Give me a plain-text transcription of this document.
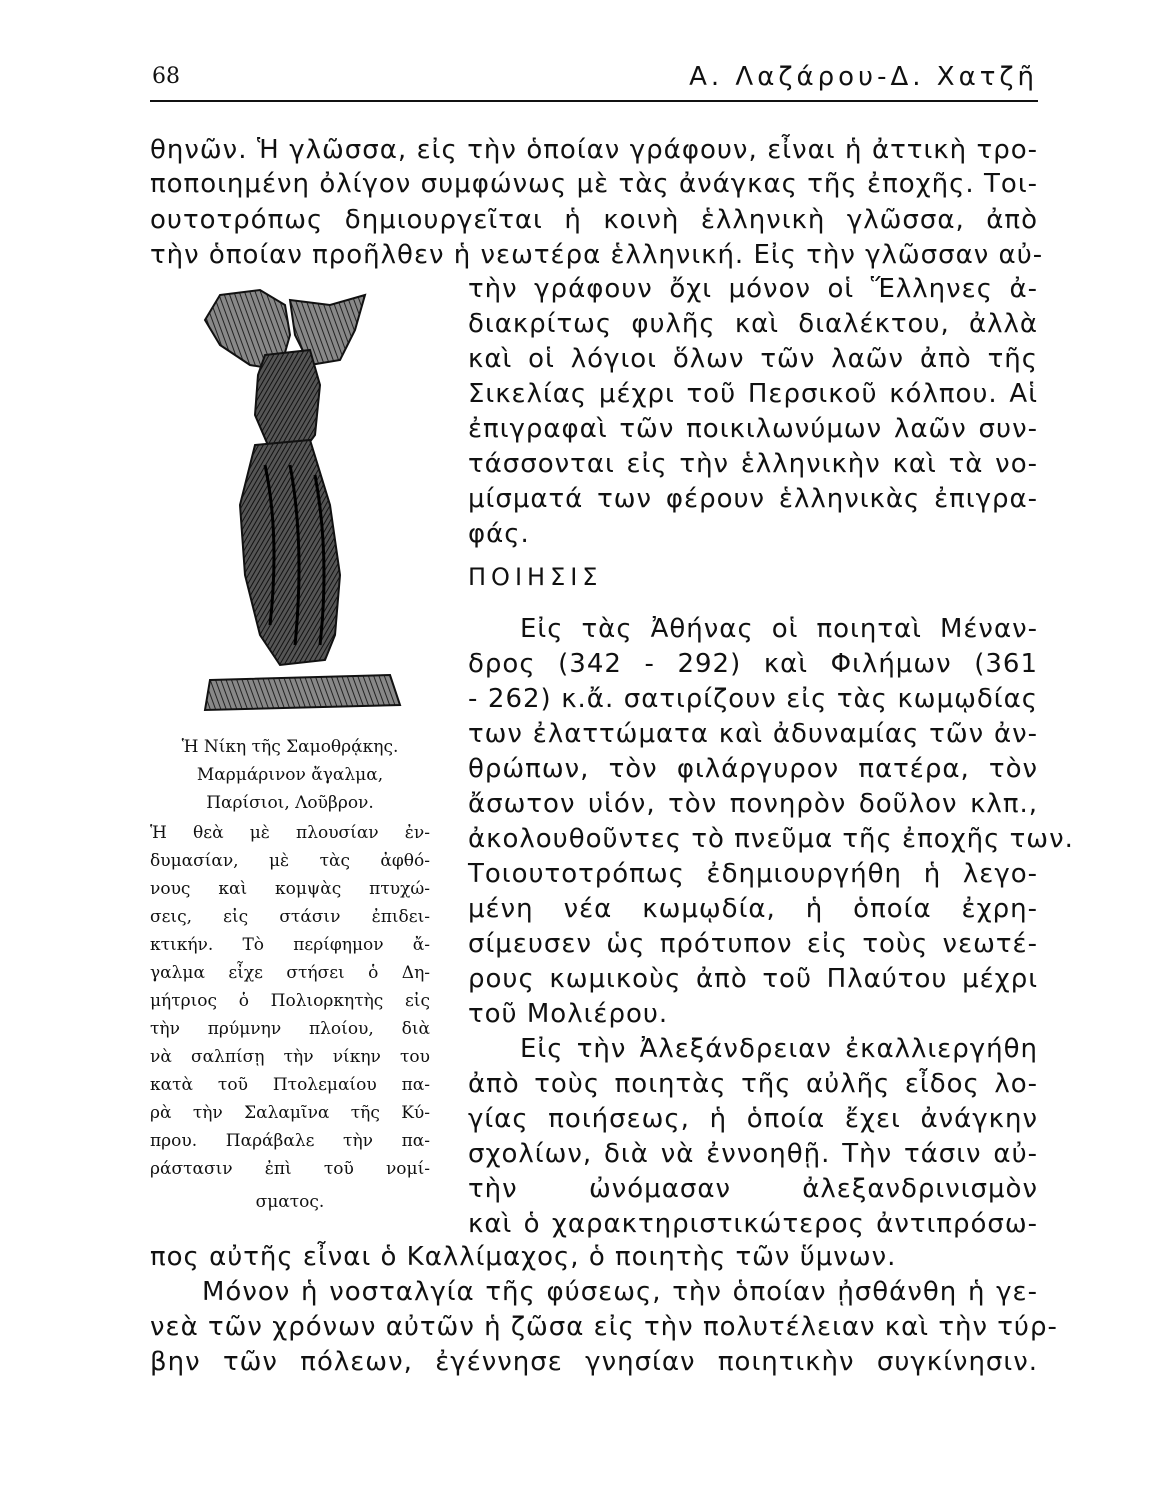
68	Α. Λαζάρου-Δ. Χατζῆ
θηνῶν. Ἡ γλῶσσα, εἰς τὴν ὁποίαν γράφουν, εἶναι ἡ ἀττικὴ τρο-
ποποιημένη ὀλίγον συμφώνως μὲ τὰς ἀνάγκας τῆς ἐποχῆς. Τοι-
ουτοτρόπως δημιουργεῖται ἡ κοινὴ ἑλληνικὴ γλῶσσα, ἀπὸ
τὴν ὁποίαν προῆλθεν ἡ νεωτέρα ἑλληνική. Εἰς τὴν γλῶσσαν αὐ-
τὴν γράφουν ὄχι μόνον οἱ Ἕλληνες ἀ-
διακρίτως φυλῆς καὶ διαλέκτου, ἀλλὰ
καὶ οἱ λόγιοι ὅλων τῶν λαῶν ἀπὸ τῆς
Σικελίας μέχρι τοῦ Περσικοῦ κόλπου. Αἱ
ἐπιγραφαὶ τῶν ποικιλωνύμων λαῶν συν-
τάσσονται εἰς τὴν ἑλληνικὴν καὶ τὰ νο-
μίσματά των φέρουν ἑλληνικὰς ἐπιγρα-
φάς.
ΠΟΙΗΣΙΣ
Εἰς τὰς Ἀθήνας οἱ ποιηταὶ Μέναν-
δρος (342 - 292) καὶ Φιλήμων (361
- 262) κ.ἄ. σατιρίζουν εἰς τὰς κωμῳδίας
των ἐλαττώματα καὶ ἀδυναμίας τῶν ἀν-
θρώπων, τὸν φιλάργυρον πατέρα, τὸν
ἄσωτον υἱόν, τὸν πονηρὸν δοῦλον κλπ.,
ἀκολουθοῦντες τὸ πνεῦμα τῆς ἐποχῆς των.
Τοιουτοτρόπως ἐδημιουργήθη ἡ λεγο-
μένη νέα κωμῳδία, ἡ ὁποία ἐχρη-
σίμευσεν ὡς πρότυπον εἰς τοὺς νεωτέ-
ρους κωμικοὺς ἀπὸ τοῦ Πλαύτου μέχρι
τοῦ Μολιέρου.
Εἰς τὴν Ἀλεξάνδρειαν ἐκαλλιεργήθη
ἀπὸ τοὺς ποιητὰς τῆς αὐλῆς εἶδος λο-
γίας ποιήσεως, ἡ ὁποία ἔχει ἀνάγκην
σχολίων, διὰ νὰ ἐννοηθῇ. Τὴν τάσιν αὐ-
τὴν ὠνόμασαν ἀλεξανδρινισμὸν
καὶ ὁ χαρακτηριστικώτερος ἀντιπρόσω-
πος αὐτῆς εἶναι ὁ Καλλίμαχος, ὁ ποιητὴς τῶν ὕμνων.
Μόνον ἡ νοσταλγία τῆς φύσεως, τὴν ὁποίαν ᾐσθάνθη ἡ γε-
νεὰ τῶν χρόνων αὐτῶν ἡ ζῶσα εἰς τὴν πολυτέλειαν καὶ τὴν τύρ-
βην τῶν πόλεων, ἐγέννησε γνησίαν ποιητικὴν συγκίνησιν.
Ἡ Νίκη τῆς Σαμοθρᾴκης.
Μαρμάρινον ἄγαλμα,
Παρίσιοι, Λοῦβρον.
Ἡ θεὰ μὲ πλουσίαν ἐν-
δυμασίαν, μὲ τὰς ἀφθό-
νους καὶ κομψὰς πτυχώ-
σεις, εἰς στάσιν ἐπιδει-
κτικήν. Τὸ περίφημον ἄ-
γαλμα εἶχε στήσει ὁ Δη-
μήτριος ὁ Πολιορκητὴς εἰς
τὴν πρύμνην πλοίου, διὰ
νὰ σαλπίσῃ τὴν νίκην του
κατὰ τοῦ Πτολεμαίου πα-
ρὰ τὴν Σαλαμῖνα τῆς Κύ-
πρου. Παράβαλε τὴν πα-
ράστασιν ἐπὶ τοῦ νομί-
σματος.
